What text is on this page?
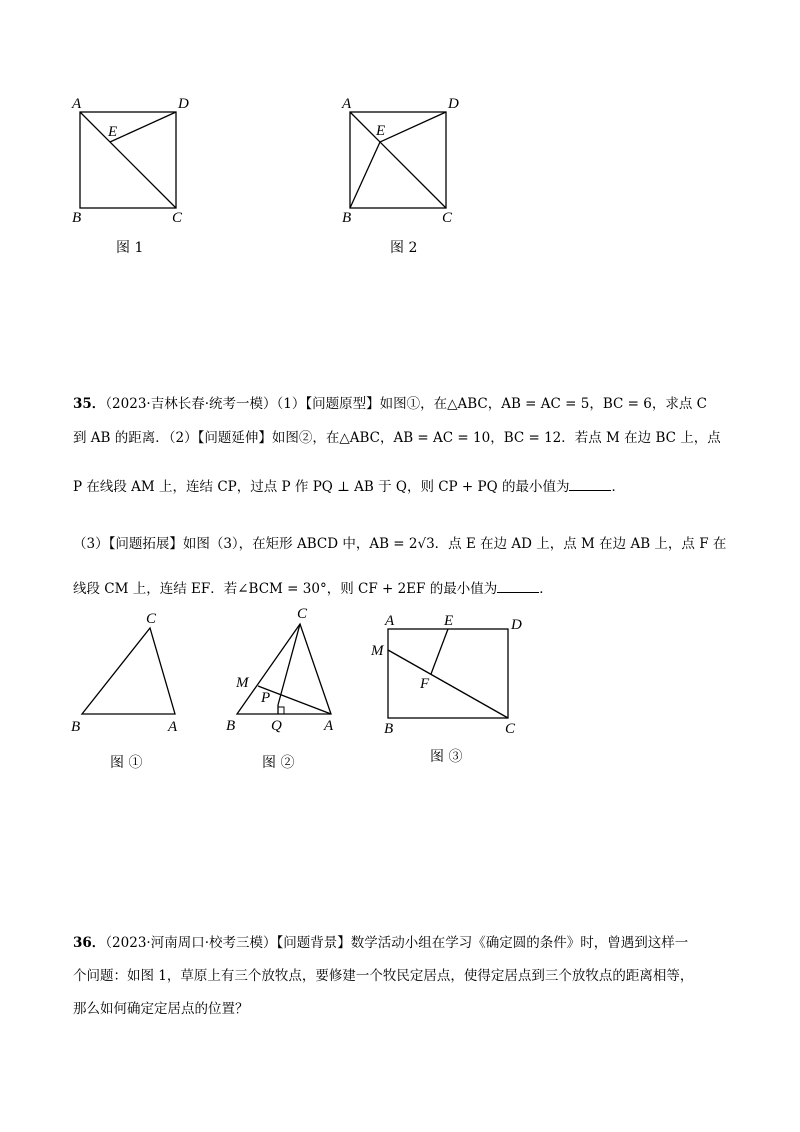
A	D
E
B	C
图 1
A	D
E
B	C
图 2
35．（2023·吉林长春·统考一模）（1）【问题原型】如图①，在△ABC，AB = AC = 5，BC = 6，求点 C
到 AB 的距离．（2）【问题延伸】如图②，在△ABC，AB = AC = 10，BC = 12．若点 M 在边 BC 上，点
P 在线段 AM 上，连结 CP，过点 P 作 PQ ⊥ AB 于 Q，则 CP + PQ 的最小值为	．
（3）【问题拓展】如图（3），在矩形 ABCD 中，AB = 2√3．点 E 在边 AD 上，点 M 在边 AB 上，点 F 在
线段 CM 上，连结 EF．若∠BCM = 30°，则 CF + 2EF 的最小值为	．
C
B	A
图 ①
C
M
P
B Q	A
图 ②
A	E	D
M
F
B	C
图 ③
36．（2023·河南周口·校考三模）【问题背景】数学活动小组在学习《确定圆的条件》时，曾遇到这样一
个问题：如图 1，草原上有三个放牧点，要修建一个牧民定居点，使得定居点到三个放牧点的距离相等，
那么如何确定定居点的位置？
